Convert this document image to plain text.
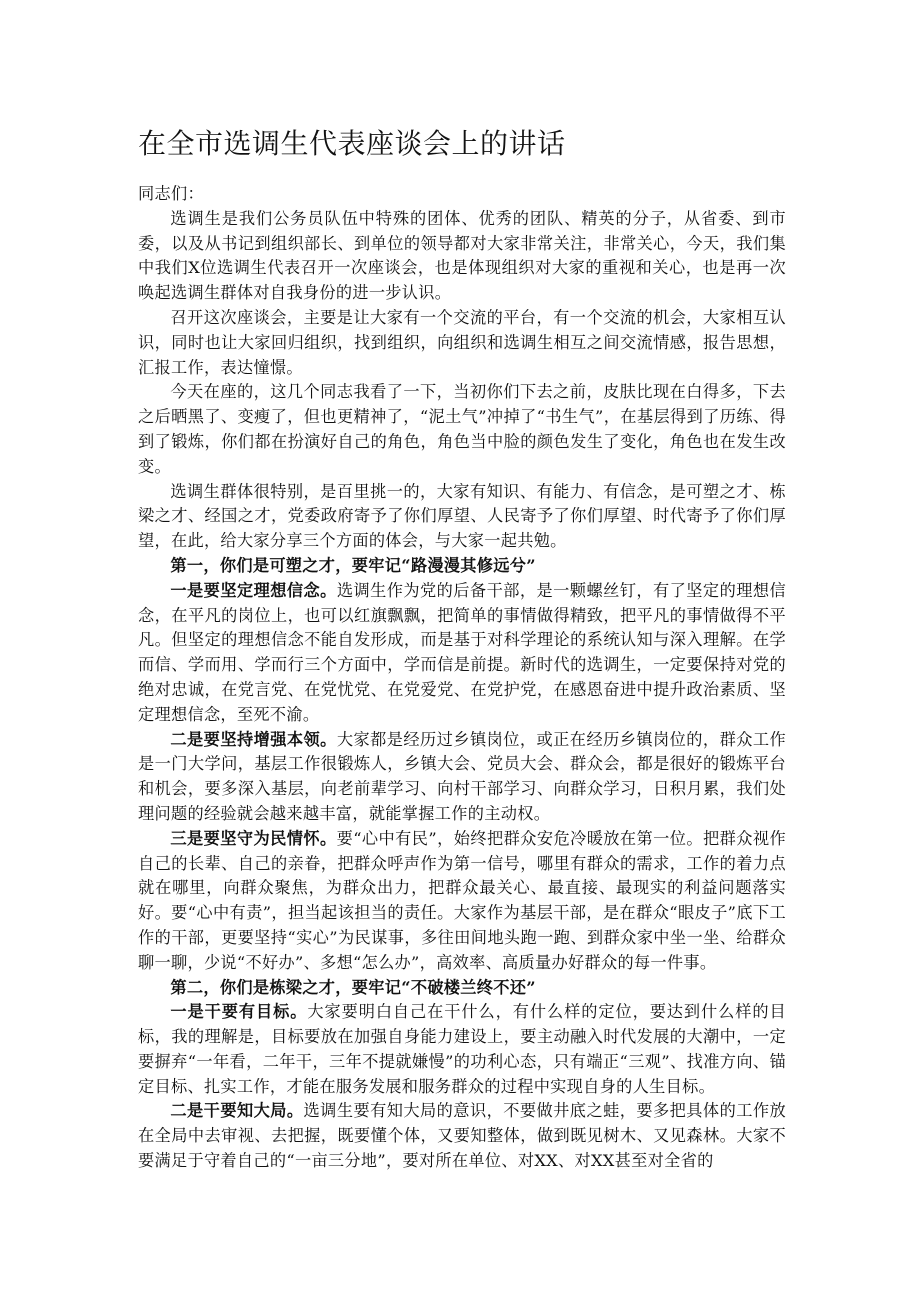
在全市选调生代表座谈会上的讲话

同志们：

选调生是我们公务员队伍中特殊的团体、优秀的团队、精英的分子，从省委、到市委，以及从书记到组织部长、到单位的领导都对大家非常关注，非常关心，今天，我们集中我们X位选调生代表召开一次座谈会，也是体现组织对大家的重视和关心，也是再一次唤起选调生群体对自我身份的进一步认识。

召开这次座谈会，主要是让大家有一个交流的平台，有一个交流的机会，大家相互认识，同时也让大家回归组织，找到组织，向组织和选调生相互之间交流情感，报告思想，汇报工作，表达憧憬。

今天在座的，这几个同志我看了一下，当初你们下去之前，皮肤比现在白得多，下去之后晒黑了、变瘦了，但也更精神了，“泥土气”冲掉了“书生气”，在基层得到了历练、得到了锻炼，你们都在扮演好自己的角色，角色当中脸的颜色发生了变化，角色也在发生改变。

选调生群体很特别，是百里挑一的，大家有知识、有能力、有信念，是可塑之才、栋梁之才、经国之才，党委政府寄予了你们厚望、人民寄予了你们厚望、时代寄予了你们厚望，在此，给大家分享三个方面的体会，与大家一起共勉。

第一，你们是可塑之才，要牢记“路漫漫其修远兮”

一是要坚定理想信念。选调生作为党的后备干部，是一颗螺丝钉，有了坚定的理想信念，在平凡的岗位上，也可以红旗飘飘，把简单的事情做得精致，把平凡的事情做得不平凡。但坚定的理想信念不能自发形成，而是基于对科学理论的系统认知与深入理解。在学而信、学而用、学而行三个方面中，学而信是前提。新时代的选调生，一定要保持对党的绝对忠诚，在党言党、在党忧党、在党爱党、在党护党，在感恩奋进中提升政治素质、坚定理想信念，至死不渝。

二是要坚持增强本领。大家都是经历过乡镇岗位，或正在经历乡镇岗位的，群众工作是一门大学问，基层工作很锻炼人，乡镇大会、党员大会、群众会，都是很好的锻炼平台和机会，要多深入基层，向老前辈学习、向村干部学习、向群众学习，日积月累，我们处理问题的经验就会越来越丰富，就能掌握工作的主动权。

三是要坚守为民情怀。要“心中有民”，始终把群众安危冷暖放在第一位。把群众视作自己的长辈、自己的亲眷，把群众呼声作为第一信号，哪里有群众的需求，工作的着力点就在哪里，向群众聚焦，为群众出力，把群众最关心、最直接、最现实的利益问题落实好。要“心中有责”，担当起该担当的责任。大家作为基层干部，是在群众“眼皮子”底下工作的干部，更要坚持“实心”为民谋事，多往田间地头跑一跑、到群众家中坐一坐、给群众聊一聊，少说“不好办”、多想“怎么办”，高效率、高质量办好群众的每一件事。

第二，你们是栋梁之才，要牢记“不破楼兰终不还”

一是干要有目标。大家要明白自己在干什么，有什么样的定位，要达到什么样的目标，我的理解是，目标要放在加强自身能力建设上，要主动融入时代发展的大潮中，一定要摒弃“一年看，二年干，三年不提就嫌慢”的功利心态，只有端正“三观”、找准方向、锚定目标、扎实工作，才能在服务发展和服务群众的过程中实现自身的人生目标。

二是干要知大局。选调生要有知大局的意识，不要做井底之蛙，要多把具体的工作放在全局中去审视、去把握，既要懂个体，又要知整体，做到既见树木、又见森林。大家不要满足于守着自己的“一亩三分地”，要对所在单位、对XX、对XX甚至对全省的
